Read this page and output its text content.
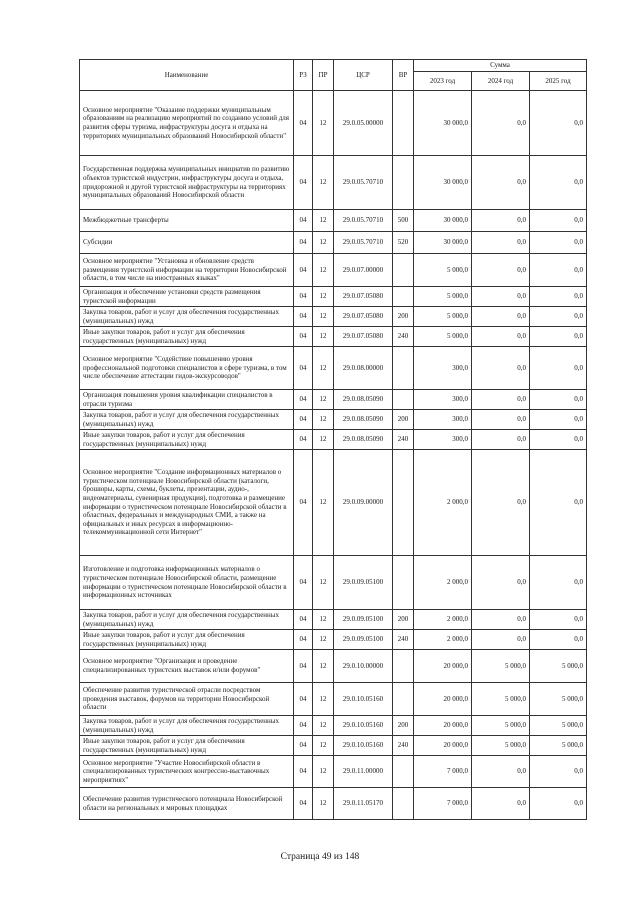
Наименование	РЗ	ПР	ЦСР	ВР	Сумма		
					2023 год	2024 год	2025 год
Основное мероприятие "Оказание поддержки муниципальным образованиям на реализацию мероприятий по созданию условий для развития сферы туризма, инфраструктуры досуга и отдыха на территориях муниципальных образований Новосибирской области"	04	12	29.0.05.00000		30 000,0	0,0	0,0
Государственная поддержка муниципальных инициатив по развитию объектов туристской индустрии, инфраструктуры досуга и отдыха, придорожной и другой туристской инфраструктуры на территориях муниципальных образований Новосибирской области	04	12	29.0.05.70710		30 000,0	0,0	0,0
Межбюджетные трансферты	04	12	29.0.05.70710	500	30 000,0	0,0	0,0
Субсидии	04	12	29.0.05.70710	520	30 000,0	0,0	0,0
Основное мероприятие "Установка и обновление средств размещения туристской информации на территории Новосибирской области, в том числе на иностранных языках"	04	12	29.0.07.00000		5 000,0	0,0	0,0
Организация и обеспечение установки средств размещения туристской информации	04	12	29.0.07.05080		5 000,0	0,0	0,0
Закупка товаров, работ и услуг для обеспечения государственных (муниципальных) нужд	04	12	29.0.07.05080	200	5 000,0	0,0	0,0
Иные закупки товаров, работ и услуг для обеспечения государственных (муниципальных) нужд	04	12	29.0.07.05080	240	5 000,0	0,0	0,0
Основное мероприятие "Содействие повышению уровня профессиональной подготовки специалистов в сфере туризма, в том числе обеспечение аттестации гидов-экскурсоводов"	04	12	29.0.08.00000		300,0	0,0	0,0
Организация повышения уровня квалификации специалистов в отрасли туризма	04	12	29.0.08.05090		300,0	0,0	0,0
Закупка товаров, работ и услуг для обеспечения государственных (муниципальных) нужд	04	12	29.0.08.05090	200	300,0	0,0	0,0
Иные закупки товаров, работ и услуг для обеспечения государственных (муниципальных) нужд	04	12	29.0.08.05090	240	300,0	0,0	0,0
Основное мероприятие "Создание информационных материалов о туристическом потенциале Новосибирской области (каталоги, брошюры, карты, схемы, буклеты, презентации, аудио-, видеоматериалы, сувенирная продукция), подготовка и размещение информации о туристическом потенциале Новосибирской области в областных, федеральных и международных СМИ, а также на официальных и иных ресурсах в информационно-телекоммуникационной сети Интернет"	04	12	29.0.09.00000		2 000,0	0,0	0,0
Изготовление и подготовка информационных материалов о туристическом потенциале Новосибирской области, размещение информации о туристическом потенциале Новосибирской области в информационных источниках	04	12	29.0.09.05100		2 000,0	0,0	0,0
Закупка товаров, работ и услуг для обеспечения государственных (муниципальных) нужд	04	12	29.0.09.05100	200	2 000,0	0,0	0,0
Иные закупки товаров, работ и услуг для обеспечения государственных (муниципальных) нужд	04	12	29.0.09.05100	240	2 000,0	0,0	0,0
Основное мероприятие "Организация и проведение специализированных туристских выставок и/или форумов"	04	12	29.0.10.00000		20 000,0	5 000,0	5 000,0
Обеспечение развития туристической отрасли посредством проведения выставок, форумов на территории Новосибирской области	04	12	29.0.10.05160		20 000,0	5 000,0	5 000,0
Закупка товаров, работ и услуг для обеспечения государственных (муниципальных) нужд	04	12	29.0.10.05160	200	20 000,0	5 000,0	5 000,0
Иные закупки товаров, работ и услуг для обеспечения государственных (муниципальных) нужд	04	12	29.0.10.05160	240	20 000,0	5 000,0	5 000,0
Основное мероприятие "Участие Новосибирской области в специализированных туристических конгрессно-выставочных мероприятиях"	04	12	29.0.11.00000		7 000,0	0,0	0,0
Обеспечение развития туристического потенциала Новосибирской области на региональных и мировых площадках	04	12	29.0.11.05170		7 000,0	0,0	0,0
Страница 49 из 148
